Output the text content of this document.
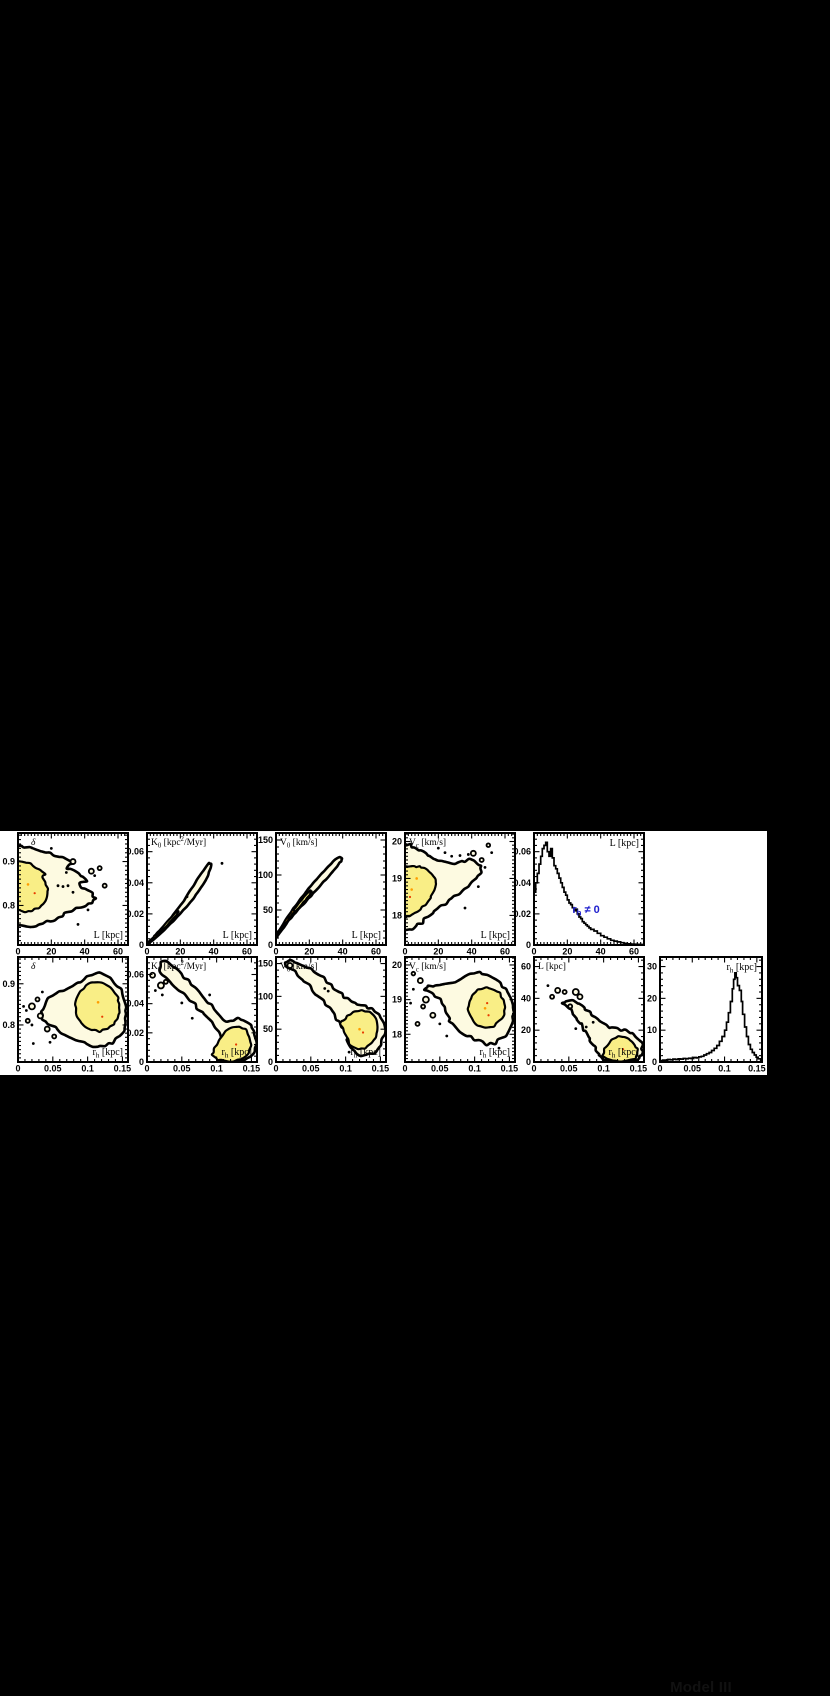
Model III
0	20	40	60
0.8
0.9
δ
L [kpc]
0	20	40	60
0
0.02
0.04
0.06
$K_0$ [kpc$^2$/Myr]
L [kpc]
0	20	40	60
0
50
100
150 $V_0$ [km/s]
L [kpc]
0	20	40	60
18
19
20 $V_c$ [km/s]
L [kpc]
0	20	40	60
0
0.02
0.04
0.06
L [kpc]
$r_h \ne 0$
0	0.05 0.1 0.15
0.8
0.9
δ
$r_h$ [kpc]
0	0.05 0.1 0.15
0
0.02
0.04
0.06
$K_0$ [kpc$^2$/Myr]
$r_h$ [kpc]
0	0.05 0.1 0.15
0
50
100
150 $V_0$ [km/s]
$r_h$ [kpc]
0	0.05 0.1 0.15
18
19
20 $V_c$ [km/s]
$r_h$ [kpc]
0	0.05 0.1 0.15
0
20
40
60 L [kpc]
$r_h$ [kpc]
0 0.05 0.1 0.15
0
10
20
30	$r_h$ [kpc]
